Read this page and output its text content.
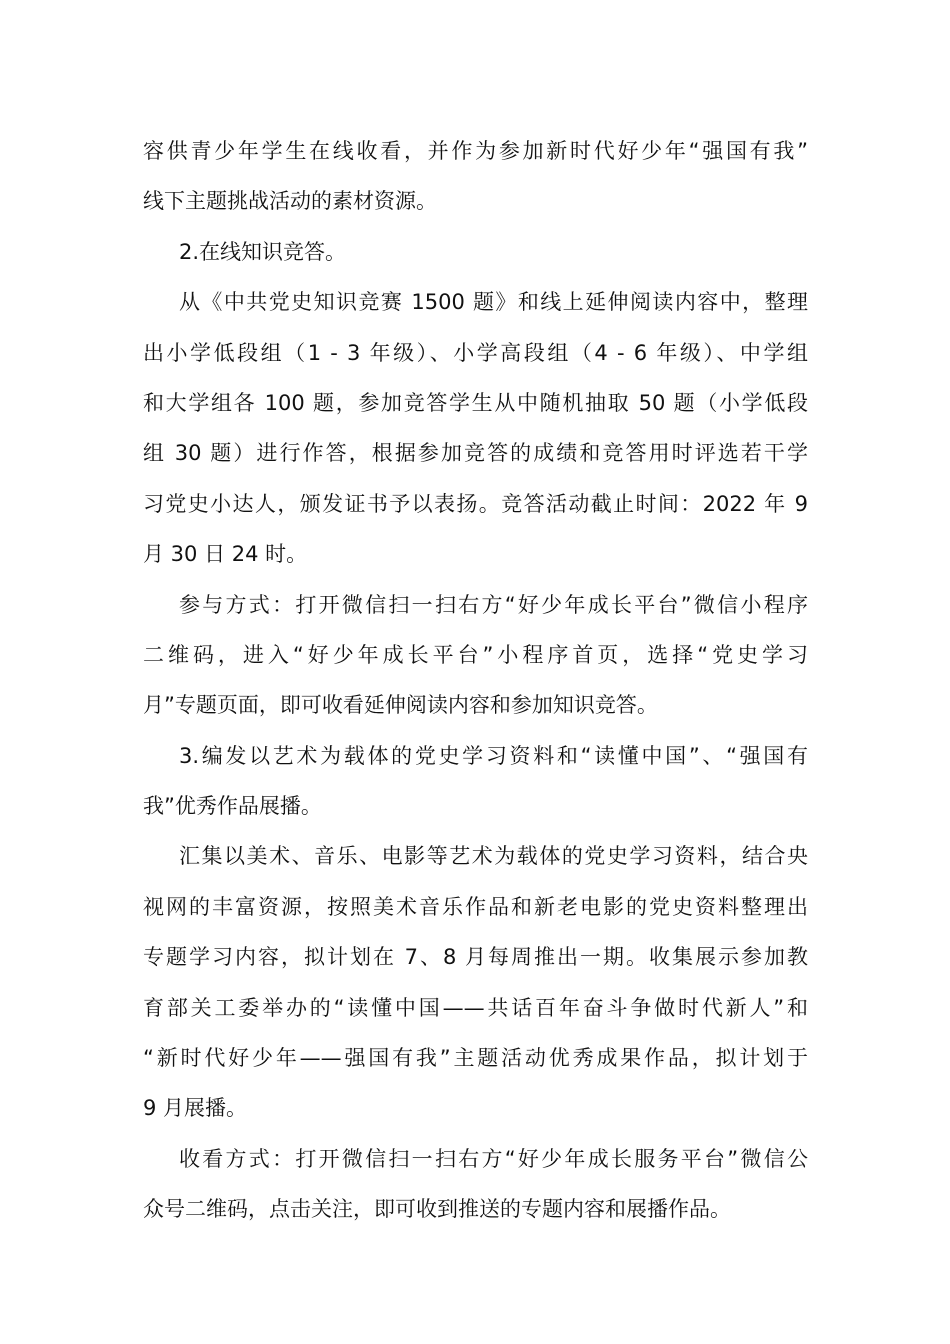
容供青少年学生在线收看，并作为参加新时代好少年“强国有我”
线下主题挑战活动的素材资源。
2.在线知识竞答。
从《中共党史知识竞赛 1500 题》和线上延伸阅读内容中，整理
出小学低段组（1 - 3 年级）、小学高段组（4 - 6 年级）、中学组
和大学组各 100 题，参加竞答学生从中随机抽取 50 题（小学低段
组 30 题）进行作答，根据参加竞答的成绩和竞答用时评选若干学
习党史小达人，颁发证书予以表扬。竞答活动截止时间：2022 年 9
月 30 日 24 时。
参与方式：打开微信扫一扫右方“好少年成长平台”微信小程序
二维码，进入“好少年成长平台”小程序首页，选择“党史学习
月”专题页面，即可收看延伸阅读内容和参加知识竞答。
3.编发以艺术为载体的党史学习资料和“读懂中国”、“强国有
我”优秀作品展播。
汇集以美术、音乐、电影等艺术为载体的党史学习资料，结合央
视网的丰富资源，按照美术音乐作品和新老电影的党史资料整理出
专题学习内容，拟计划在 7、8 月每周推出一期。收集展示参加教
育部关工委举办的“读懂中国——共话百年奋斗争做时代新人”和
“新时代好少年——强国有我”主题活动优秀成果作品，拟计划于
9 月展播。
收看方式：打开微信扫一扫右方“好少年成长服务平台”微信公
众号二维码，点击关注，即可收到推送的专题内容和展播作品。
